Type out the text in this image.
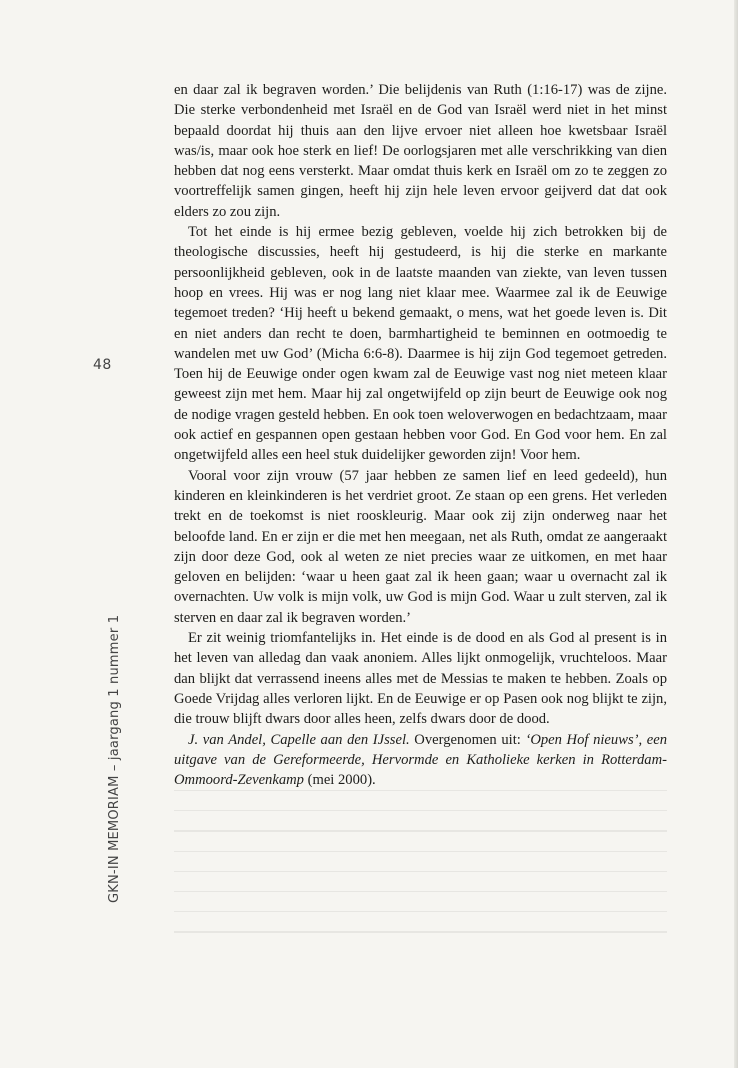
48
GKN-IN MEMORIAM – jaargang 1 nummer 1

en daar zal ik begraven worden.’ Die belijdenis van Ruth (1:16-17) was de zijne. Die sterke verbondenheid met Israël en de God van Israël werd niet in het minst bepaald doordat hij thuis aan den lijve ervoer niet alleen hoe kwetsbaar Israël was/is, maar ook hoe sterk en lief! De oorlogsjaren met alle verschrikking van dien hebben dat nog eens versterkt. Maar omdat thuis kerk en Israël om zo te zeggen zo voortreffelijk samen gingen, heeft hij zijn hele leven ervoor geijverd dat dat ook elders zo zou zijn.

Tot het einde is hij ermee bezig gebleven, voelde hij zich betrokken bij de theologische discussies, heeft hij gestudeerd, is hij die sterke en markante persoonlijkheid gebleven, ook in de laatste maanden van ziekte, van leven tussen hoop en vrees. Hij was er nog lang niet klaar mee. Waarmee zal ik de Eeuwige tegemoet treden? ‘Hij heeft u bekend gemaakt, o mens, wat het goede leven is. Dit en niet anders dan recht te doen, barmhartigheid te beminnen en ootmoedig te wandelen met uw God’ (Micha 6:6-8). Daarmee is hij zijn God tegemoet getreden. Toen hij de Eeuwige onder ogen kwam zal de Eeuwige vast nog niet meteen klaar geweest zijn met hem. Maar hij zal ongetwijfeld op zijn beurt de Eeuwige ook nog de nodige vragen gesteld hebben. En ook toen weloverwogen en bedachtzaam, maar ook actief en gespannen open gestaan hebben voor God. En God voor hem. En zal ongetwijfeld alles een heel stuk duidelijker geworden zijn! Voor hem.

Vooral voor zijn vrouw (57 jaar hebben ze samen lief en leed gedeeld), hun kinderen en kleinkinderen is het verdriet groot. Ze staan op een grens. Het verleden trekt en de toekomst is niet rooskleurig. Maar ook zij zijn onderweg naar het beloofde land. En er zijn er die met hen meegaan, net als Ruth, omdat ze aangeraakt zijn door deze God, ook al weten ze niet precies waar ze uitkomen, en met haar geloven en belijden: ‘waar u heen gaat zal ik heen gaan; waar u overnacht zal ik overnachten. Uw volk is mijn volk, uw God is mijn God. Waar u zult sterven, zal ik sterven en daar zal ik begraven worden.’

Er zit weinig triomfantelijks in. Het einde is de dood en als God al present is in het leven van alledag dan vaak anoniem. Alles lijkt onmogelijk, vruchteloos. Maar dan blijkt dat verrassend ineens alles met de Messias te maken te hebben. Zoals op Goede Vrijdag alles verloren lijkt. En de Eeuwige er op Pasen ook nog blijkt te zijn, die trouw blijft dwars door alles heen, zelfs dwars door de dood.

J. van Andel, Capelle aan den IJssel. Overgenomen uit: ‘Open Hof nieuws’, een uitgave van de Gereformeerde, Hervormde en Katholieke kerken in Rotterdam-Ommoord-Zevenkamp (mei 2000).
